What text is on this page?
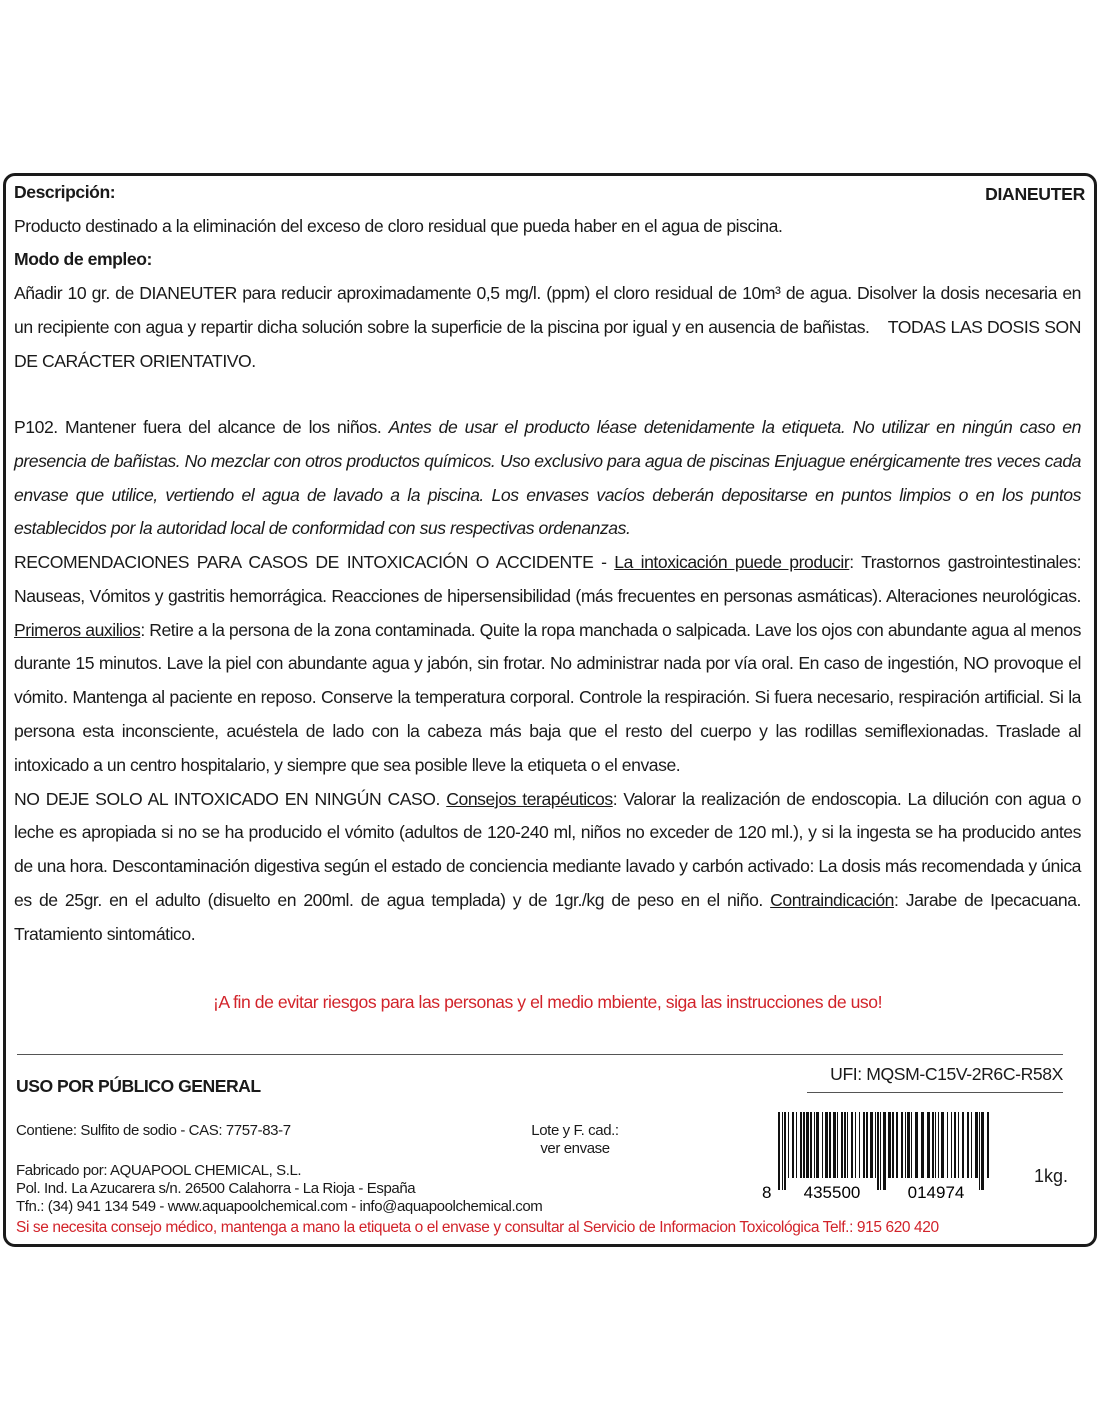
Descripción:	DIANEUTER
Producto destinado a la eliminación del exceso de cloro residual que pueda haber en el agua de piscina.
Modo de empleo:
Añadir 10 gr. de DIANEUTER para reducir aproximadamente 0,5 mg/l. (ppm) el cloro residual de 10m³ de agua. Disolver la dosis necesaria en un recipiente con agua y repartir dicha solución sobre la superficie de la piscina por igual y en ausencia de bañistas. TODAS LAS DOSIS SON DE CARÁCTER ORIENTATIVO.
P102. Mantener fuera del alcance de los niños. Antes de usar el producto léase detenidamente la etiqueta. No utilizar en ningún caso en presencia de bañistas. No mezclar con otros productos químicos. Uso exclusivo para agua de piscinas Enjuague enérgicamente tres veces cada envase que utilice, vertiendo el agua de lavado a la piscina. Los envases vacíos deberán depositarse en puntos limpios o en los puntos establecidos por la autoridad local de conformidad con sus respectivas ordenanzas.
RECOMENDACIONES PARA CASOS DE INTOXICACIÓN O ACCIDENTE - La intoxicación puede producir: Trastornos gastrointestinales: Nauseas, Vómitos y gastritis hemorrágica. Reacciones de hipersensibilidad (más frecuentes en personas asmáticas). Alteraciones neurológicas. Primeros auxilios: Retire a la persona de la zona contaminada. Quite la ropa manchada o salpicada. Lave los ojos con abundante agua al menos durante 15 minutos. Lave la piel con abundante agua y jabón, sin frotar. No administrar nada por vía oral. En caso de ingestión, NO provoque el vómito. Mantenga al paciente en reposo. Conserve la temperatura corporal. Controle la respiración. Si fuera necesario, respiración artificial. Si la persona esta inconsciente, acuéstela de lado con la cabeza más baja que el resto del cuerpo y las rodillas semiflexionadas. Traslade al intoxicado a un centro hospitalario, y siempre que sea posible lleve la etiqueta o el envase.
NO DEJE SOLO AL INTOXICADO EN NINGÚN CASO. Consejos terapéuticos: Valorar la realización de endoscopia. La dilución con agua o leche es apropiada si no se ha producido el vómito (adultos de 120-240 ml, niños no exceder de 120 ml.), y si la ingesta se ha producido antes de una hora. Descontaminación digestiva según el estado de conciencia mediante lavado y carbón activado: La dosis más recomendada y única es de 25gr. en el adulto (disuelto en 200ml. de agua templada) y de 1gr./kg de peso en el niño. Contraindicación: Jarabe de Ipecacuana. Tratamiento sintomático.
¡A fin de evitar riesgos para las personas y el medio mbiente, siga las instrucciones de uso!
USO POR PÚBLICO GENERAL
UFI: MQSM-C15V-2R6C-R58X
Contiene: Sulfito de sodio - CAS: 7757-83-7	Lote y F. cad.:
ver envase
Fabricado por: AQUAPOOL CHEMICAL, S.L.
Pol. Ind. La Azucarera s/n. 26500 Calahorra - La Rioja - España
Tfn.: (34) 941 134 549 - www.aquapoolchemical.com - info@aquapoolchemical.com
8 435500	014974
1kg.
Si se necesita consejo médico, mantenga a mano la etiqueta o el envase y consultar al Servicio de Informacion Toxicológica Telf.: 915 620 420
